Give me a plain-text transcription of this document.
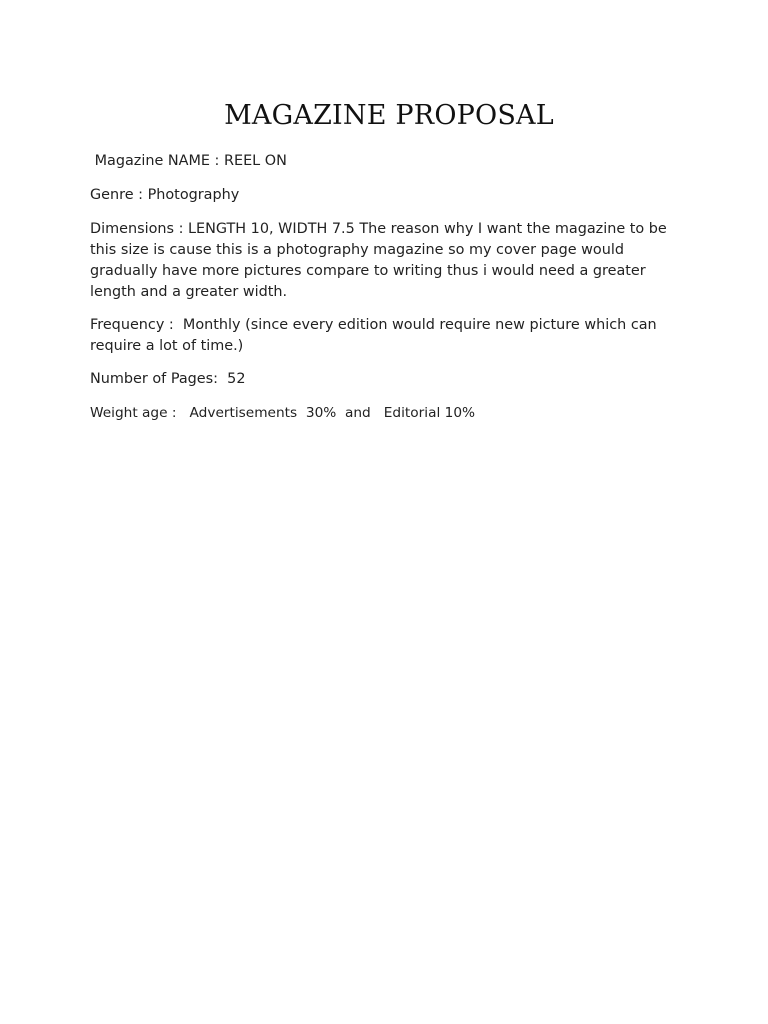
MAGAZINE PROPOSAL
Magazine NAME : REEL ON
Genre : Photography
Dimensions : LENGTH 10, WIDTH 7.5 The reason why I want the magazine to be this size is cause this is a photography magazine so my cover page would gradually have more pictures compare to writing thus i would need a greater length and a greater width.
Frequency :  Monthly (since every edition would require new picture which can require a lot of time.)
Number of Pages:  52
Weight age :   Advertisements  30%  and   Editorial 10%
